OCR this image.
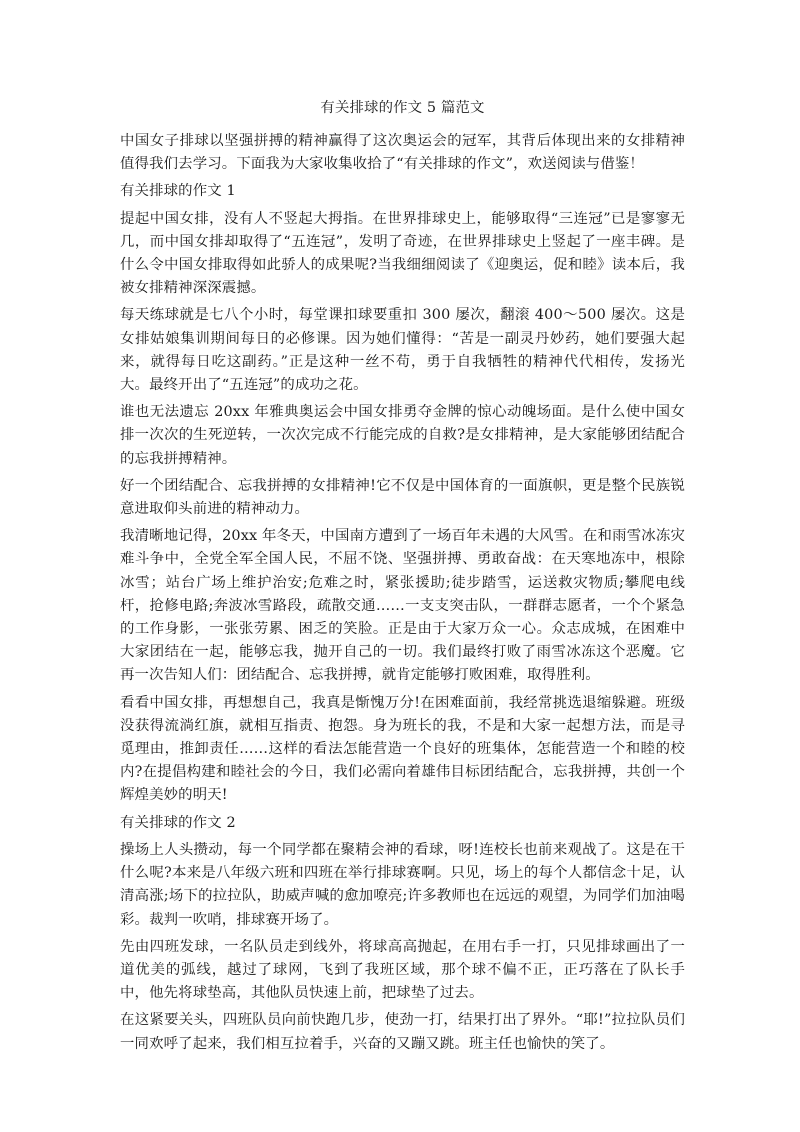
有关排球的作文 5 篇范文

中国女子排球以坚强拼搏的精神赢得了这次奥运会的冠军，其背后体现出来的女排精神值得我们去学习。下面我为大家收集收拾了“有关排球的作文”，欢送阅读与借鉴！

有关排球的作文 1

提起中国女排，没有人不竖起大拇指。在世界排球史上，能够取得“三连冠”已是寥寥无几，而中国女排却取得了“五连冠”，发明了奇迹，在世界排球史上竖起了一座丰碑。是什么令中国女排取得如此骄人的成果呢?当我细细阅读了《迎奥运，促和睦》读本后，我被女排精神深深震撼。

每天练球就是七八个小时，每堂课扣球要重扣 300 屡次，翻滚 400～500 屡次。这是女排姑娘集训期间每日的必修课。因为她们懂得：“苦是一副灵丹妙药，她们要强大起来，就得每日吃这副药。”正是这种一丝不苟，勇于自我牺牲的精神代代相传，发扬光大。最终开出了“五连冠”的成功之花。

谁也无法遗忘 20xx 年雅典奥运会中国女排勇夺金牌的惊心动魄场面。是什么使中国女排一次次的生死逆转，一次次完成不行能完成的自救?是女排精神，是大家能够团结配合的忘我拼搏精神。

好一个团结配合、忘我拼搏的女排精神!它不仅是中国体育的一面旗帜，更是整个民族锐意进取仰头前进的精神动力。

我清晰地记得，20xx 年冬天，中国南方遭到了一场百年未遇的大风雪。在和雨雪冰冻灾难斗争中，全党全军全国人民，不屈不饶、坚强拼搏、勇敢奋战：在天寒地冻中，根除冰雪；站台广场上维护治安;危难之时，紧张援助;徒步踏雪，运送救灾物质;攀爬电线杆，抢修电路;奔波冰雪路段，疏散交通……一支支突击队，一群群志愿者，一个个紧急的工作身影，一张张劳累、困乏的笑脸。正是由于大家万众一心。众志成城，在困难中大家团结在一起，能够忘我，抛开自己的一切。我们最终打败了雨雪冰冻这个恶魔。它再一次告知人们：团结配合、忘我拼搏，就肯定能够打败困难，取得胜利。

看看中国女排，再想想自己，我真是惭愧万分!在困难面前，我经常挑选退缩躲避。班级没获得流淌红旗，就相互指责、抱怨。身为班长的我，不是和大家一起想方法，而是寻觅理由，推卸责任……这样的看法怎能营造一个良好的班集体，怎能营造一个和睦的校内?在提倡构建和睦社会的今日，我们必需向着雄伟目标团结配合，忘我拼搏，共创一个辉煌美妙的明天!

有关排球的作文 2

操场上人头攒动，每一个同学都在聚精会神的看球，呀!连校长也前来观战了。这是在干什么呢?本来是八年级六班和四班在举行排球赛啊。只见，场上的每个人都信念十足，认清高涨;场下的拉拉队，助威声喊的愈加嘹亮;许多教师也在远远的观望，为同学们加油喝彩。裁判一吹哨，排球赛开场了。

先由四班发球，一名队员走到线外，将球高高抛起，在用右手一打，只见排球画出了一道优美的弧线，越过了球网，飞到了我班区域，那个球不偏不正，正巧落在了队长手中，他先将球垫高，其他队员快速上前，把球垫了过去。

在这紧要关头，四班队员向前快跑几步，使劲一打，结果打出了界外。“耶!”拉拉队员们一同欢呼了起来，我们相互拉着手，兴奋的又蹦又跳。班主任也愉快的笑了。
